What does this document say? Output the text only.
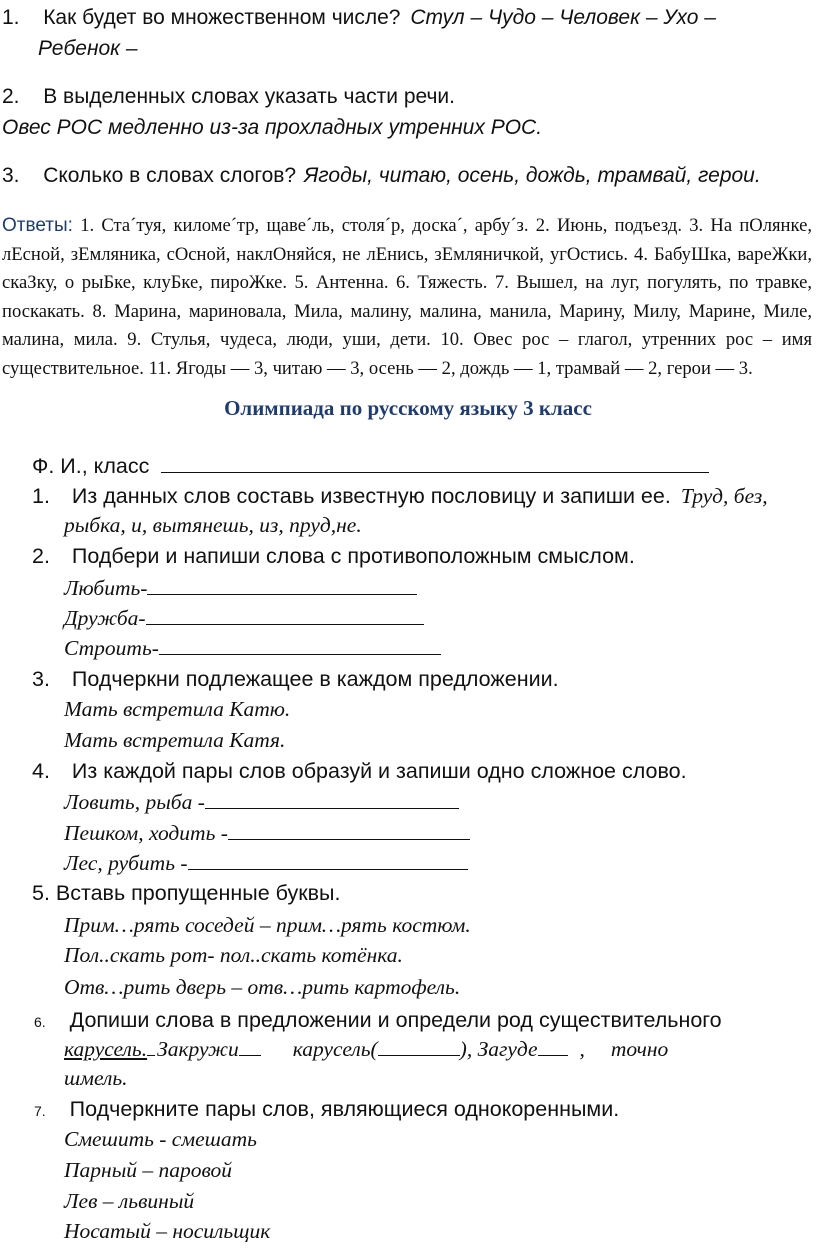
1. Как будет во множественном числе? Стул – Чудо – Человек – Ухо –
Ребенок –
2. В выделенных словах указать части речи.
Овес РОС медленно из-за прохладных утренних РОС.
3. Сколько в словах слогов? Ягоды, читаю, осень, дождь, трамвай, герои.
Ответы: 1. Ста´туя, киломе´тр, щаве´ль, столя´р, доска´, арбу´з. 2. Июнь, подъезд. 3. На пОлянке, лЕсной, зЕмляника, сОсной, наклОняйся, не лЕнись, зЕмляничкой, угОстись. 4. БабуШка, вареЖки, скаЗку, о рыБке, клуБке, пироЖке. 5. Антенна. 6. Тяжесть. 7. Вышел, на луг, погулять, по травке, поскакать. 8. Марина, мариновала, Мила, малину, малина, манила, Марину, Милу, Марине, Миле, малина, мила. 9. Стулья, чудеса, люди, уши, дети. 10. Овес рос – глагол, утренних рос – имя существительное. 11. Ягоды — 3, читаю — 3, осень — 2, дождь — 1, трамвай — 2, герои — 3.
Олимпиада по русскому языку 3 класс
Ф. И., класс
1. Из данных слов составь известную пословицу и запиши ее. Труд, без,
рыбка, и, вытянешь, из, пруд,не.
2. Подбери и напиши слова с противоположным смыслом.
Любить-
Дружба-
Строить-
3. Подчеркни подлежащее в каждом предложении.
Мать встретила Катю.
Мать встретила Катя.
4. Из каждой пары слов образуй и запиши одно сложное слово.
Ловить, рыба -
Пешком, ходить -
Лес, рубить -
5. Вставь пропущенные буквы.
Прим…рять соседей – прим…рять костюм.
Пол..скать рот- пол..скать котёнка.
Отв…рить дверь – отв…рить картофель.
6. Допиши слова в предложении и определи род существительного
карусель. Закружи	карусель(	), Загуде , точно
шмель.
7. Подчеркните пары слов, являющиеся однокоренными.
Смешить - смешать
Парный – паровой
Лев – львиный
Носатый – носильщик
